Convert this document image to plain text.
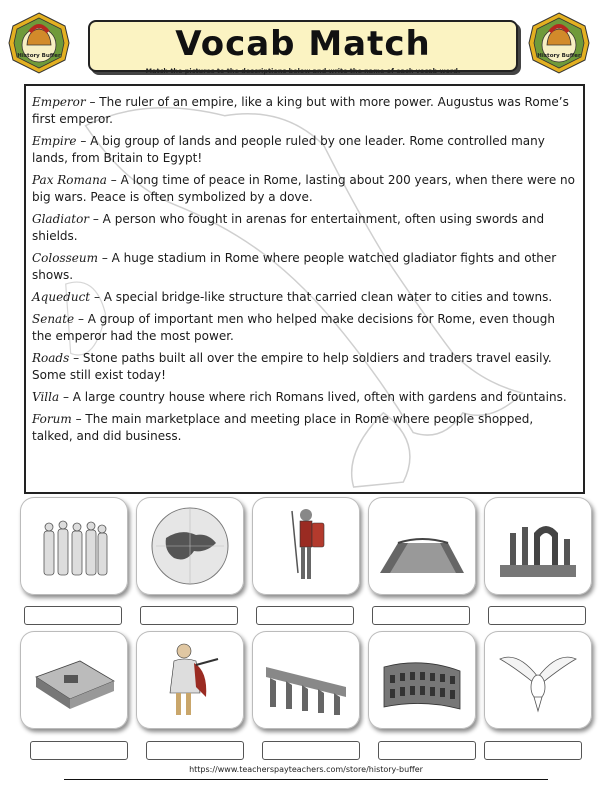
History Buffer	History Buffer
Vocab Match
Match the pictures to the descriptions below and write the name of each vocab word.

Emperor – The ruler of an empire, like a king but with more power. Augustus was Rome’s first emperor.

Empire – A big group of lands and people ruled by one leader. Rome controlled many lands, from Britain to Egypt!

Pax Romana – A long time of peace in Rome, lasting about 200 years, when there were no big wars. Peace is often symbolized by a dove.

Gladiator – A person who fought in arenas for entertainment, often using swords and shields.

Colosseum – A huge stadium in Rome where people watched gladiator fights and other shows.

Aqueduct – A special bridge-like structure that carried clean water to cities and towns.

Senate – A group of important men who helped make decisions for Rome, even though the emperor had the most power.

Roads – Stone paths built all over the empire to help soldiers and traders travel easily. Some still exist today!

Villa – A large country house where rich Romans lived, often with gardens and fountains.

Forum – The main marketplace and meeting place in Rome where people shopped, talked, and did business.

https://www.teacherspayteachers.com/store/history-buffer
